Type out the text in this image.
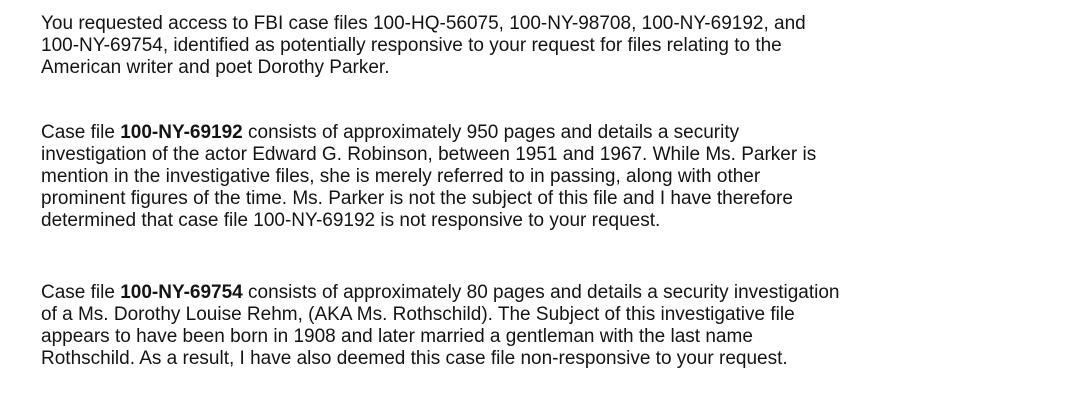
You requested access to FBI case files 100-HQ-56075, 100-NY-98708, 100-NY-69192, and
100-NY-69754, identified as potentially responsive to your request for files relating to the
American writer and poet Dorothy Parker.
Case file 100-NY-69192 consists of approximately 950 pages and details a security
investigation of the actor Edward G. Robinson, between 1951 and 1967. While Ms. Parker is
mention in the investigative files, she is merely referred to in passing, along with other
prominent figures of the time. Ms. Parker is not the subject of this file and I have therefore
determined that case file 100-NY-69192 is not responsive to your request.
Case file 100-NY-69754 consists of approximately 80 pages and details a security investigation
of a Ms. Dorothy Louise Rehm, (AKA Ms. Rothschild). The Subject of this investigative file
appears to have been born in 1908 and later married a gentleman with the last name
Rothschild. As a result, I have also deemed this case file non-responsive to your request.
